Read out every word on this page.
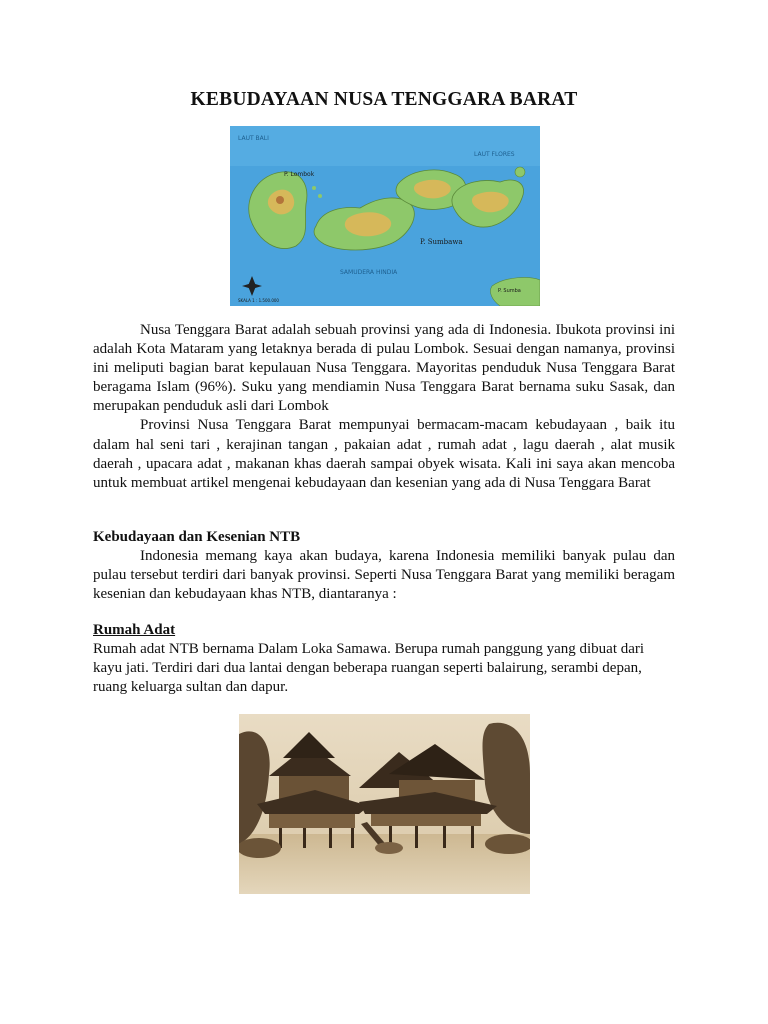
KEBUDAYAAN NUSA TENGGARA BARAT
LAUT BALI
LAUT FLORES
P. Lombok
P. Sumbawa
SAMUDERA HINDIA
P. Sumba
SKALA 1 : 1.500.000

Nusa Tenggara Barat adalah sebuah provinsi yang ada di Indonesia. Ibukota provinsi ini adalah Kota Mataram yang letaknya berada di pulau Lombok. Sesuai dengan namanya, provinsi ini meliputi bagian barat kepulauan Nusa Tenggara. Mayoritas penduduk Nusa Tenggara Barat beragama Islam (96%). Suku yang mendiamin Nusa Tenggara Barat bernama suku Sasak, dan merupakan penduduk asli dari Lombok

Provinsi Nusa Tenggara Barat mempunyai bermacam-macam kebudayaan , baik itu dalam hal seni tari , kerajinan tangan , pakaian adat , rumah adat , lagu daerah , alat musik daerah , upacara adat , makanan khas daerah sampai obyek wisata. Kali ini saya akan mencoba untuk membuat artikel mengenai kebudayaan dan kesenian yang ada di Nusa Tenggara Barat

Kebudayaan dan Kesenian NTB

Indonesia memang kaya akan budaya, karena Indonesia memiliki banyak pulau dan pulau tersebut terdiri dari banyak provinsi. Seperti Nusa Tenggara Barat yang memiliki beragam kesenian dan kebudayaan khas NTB, diantaranya :

Rumah Adat

Rumah adat NTB bernama Dalam Loka Samawa. Berupa rumah panggung yang dibuat dari kayu jati. Terdiri dari dua lantai dengan beberapa ruangan seperti balairung, serambi depan, ruang keluarga sultan dan dapur.
